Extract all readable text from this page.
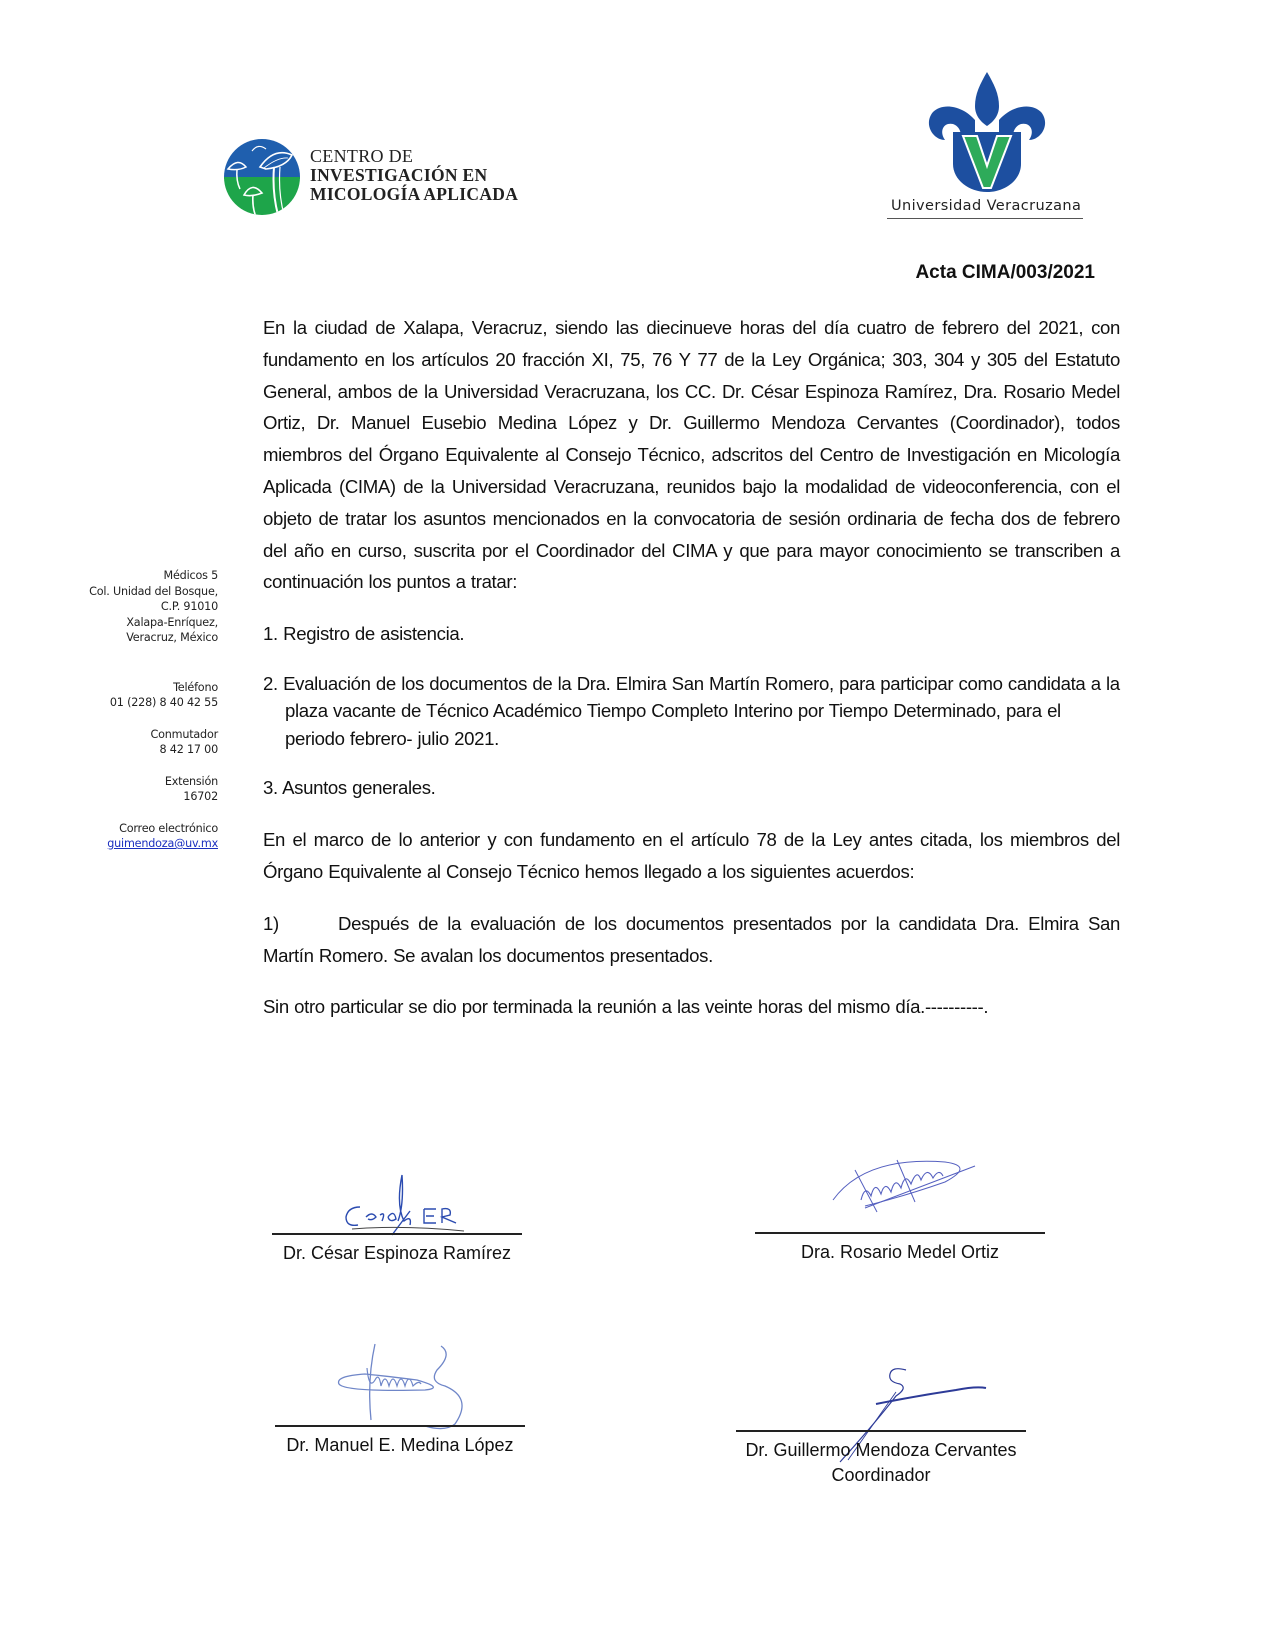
CENTRO DE
INVESTIGACIÓN EN
MICOLOGÍA APLICADA
Universidad Veracruzana
Acta CIMA/003/2021
Médicos 5
Col. Unidad del Bosque,
C.P. 91010
Xalapa-Enríquez,
Veracruz, México
Teléfono
01 (228) 8 40 42 55
Conmutador
8 42 17 00
Extensión
16702
Correo electrónico
guimendoza@uv.mx

En la ciudad de Xalapa, Veracruz, siendo las diecinueve horas del día cuatro de febrero del 2021, con fundamento en los artículos 20 fracción XI, 75, 76 Y 77 de la Ley Orgánica; 303, 304 y 305 del Estatuto General, ambos de la Universidad Veracruzana, los CC. Dr. César Espinoza Ramírez, Dra. Rosario Medel Ortiz, Dr. Manuel Eusebio Medina López y Dr. Guillermo Mendoza Cervantes (Coordinador), todos miembros del Órgano Equivalente al Consejo Técnico, adscritos del Centro de Investigación en Micología Aplicada (CIMA) de la Universidad Veracruzana, reunidos bajo la modalidad de videoconferencia, con el objeto de tratar los asuntos mencionados en la convocatoria de sesión ordinaria de fecha dos de febrero del año en curso, suscrita por el Coordinador del CIMA y que para mayor conocimiento se transcriben a continuación los puntos a tratar:

1. Registro de asistencia.

2. Evaluación de los documentos de la Dra. Elmira San Martín Romero, para participar como candidata a la plaza vacante de Técnico Académico Tiempo Completo Interino por Tiempo Determinado, para el periodo febrero- julio 2021.

3. Asuntos generales.

En el marco de lo anterior y con fundamento en el artículo 78 de la Ley antes citada, los miembros del Órgano Equivalente al Consejo Técnico hemos llegado a los siguientes acuerdos:

1)	Después de la evaluación de los documentos presentados por la candidata Dra. Elmira San Martín Romero. Se avalan los documentos presentados.

Sin otro particular se dio por terminada la reunión a las veinte horas del mismo día.----------.

Dr. César Espinoza Ramírez	Dra. Rosario Medel Ortiz
Dr. Manuel E. Medina López	Dr. Guillermo Mendoza Cervantes
Coordinador
